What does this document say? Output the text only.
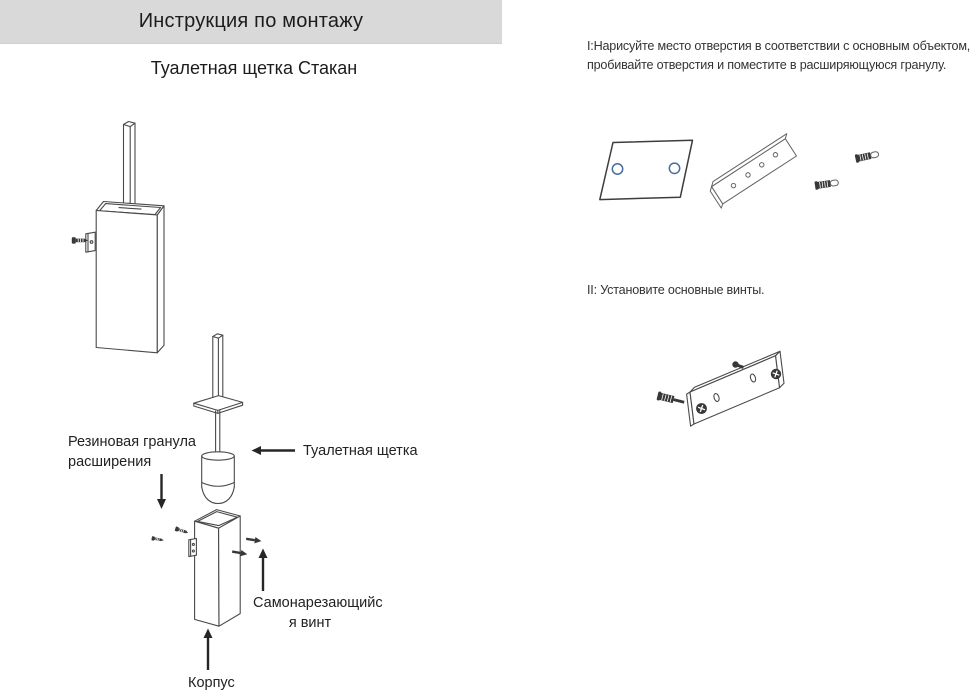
Инструкция по монтажу
Туалетная щетка Стакан
I:Нарисуйте место отверстия в соответствии с основным объектом,
пробивайте отверстия и поместите в расширяющуюся гранулу.
II: Установите основные винты.
Резиновая гранула
расширения
Туалетная щетка
Самонарезающийс
я винт
Корпус
